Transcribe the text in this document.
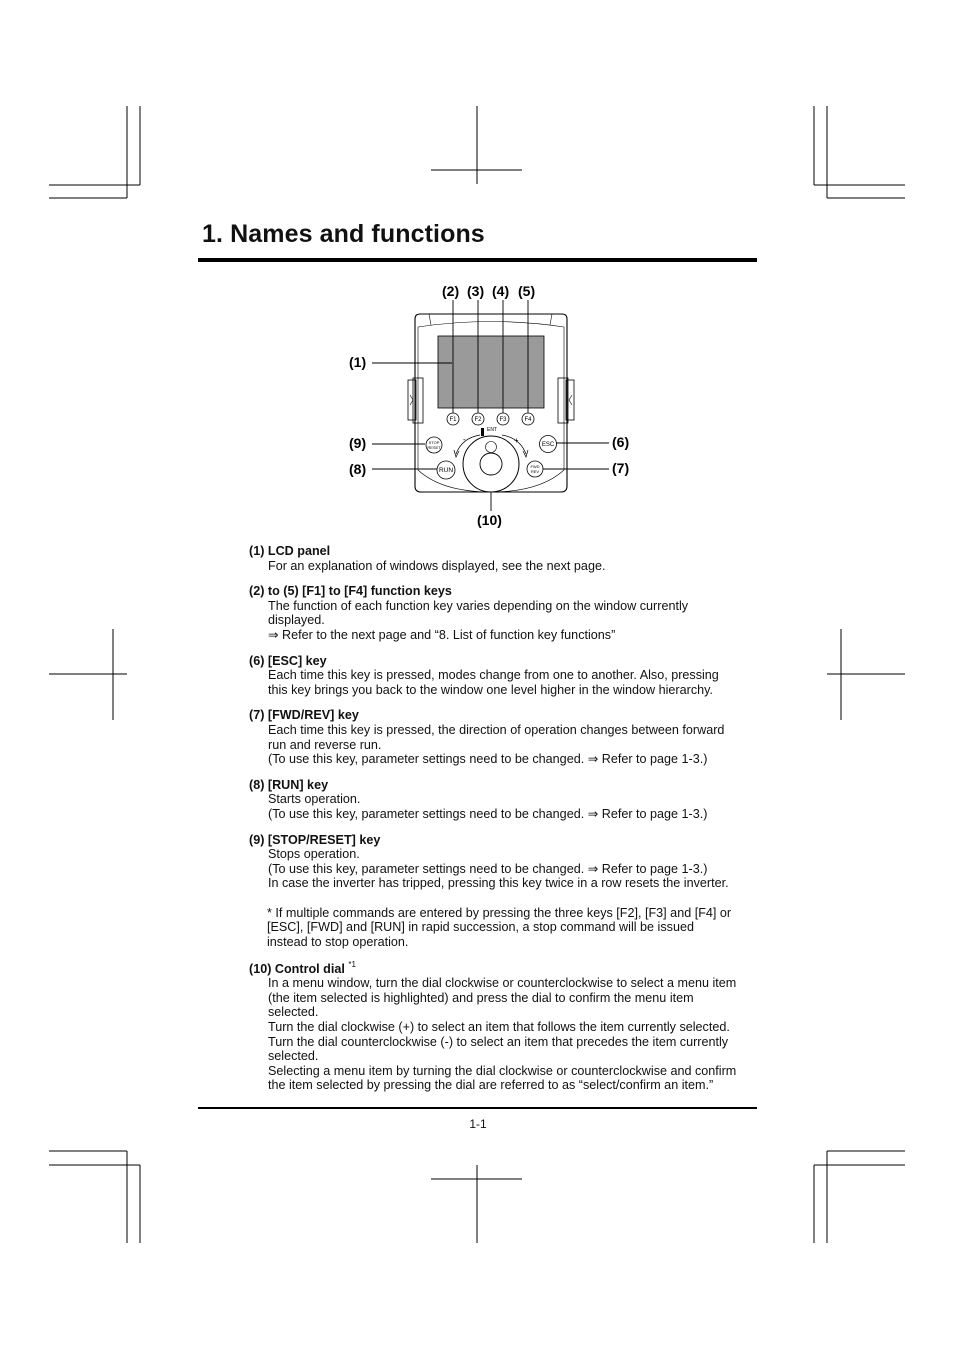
1. Names and functions
(2) (3) (4) (5)
(1)
(9)
(8)
(6)
(7)
(10)
F1	F2	F3	F4
STOP
RESET
RUN
ESC
FWD
REV
ENT
-	+
(1) LCD panel
For an explanation of windows displayed, see the next page.
(2) to (5) [F1] to [F4] function keys
The function of each function key varies depending on the window currently
displayed.
⇒ Refer to the next page and “8. List of function key functions”
(6) [ESC] key
Each time this key is pressed, modes change from one to another. Also, pressing
this key brings you back to the window one level higher in the window hierarchy.
(7) [FWD/REV] key
Each time this key is pressed, the direction of operation changes between forward
run and reverse run.
(To use this key, parameter settings need to be changed. ⇒ Refer to page 1-3.)
(8) [RUN] key
Starts operation.
(To use this key, parameter settings need to be changed. ⇒ Refer to page 1-3.)
(9) [STOP/RESET] key
Stops operation.
(To use this key, parameter settings need to be changed. ⇒ Refer to page 1-3.)
In case the inverter has tripped, pressing this key twice in a row resets the inverter.
* If multiple commands are entered by pressing the three keys [F2], [F3] and [F4] or
[ESC], [FWD] and [RUN] in rapid succession, a stop command will be issued
instead to stop operation.
(10) Control dial $^{*1}$
In a menu window, turn the dial clockwise or counterclockwise to select a menu item
(the item selected is highlighted) and press the dial to confirm the menu item
selected.
Turn the dial clockwise (+) to select an item that follows the item currently selected.
Turn the dial counterclockwise (-) to select an item that precedes the item currently
selected.
Selecting a menu item by turning the dial clockwise or counterclockwise and confirm
the item selected by pressing the dial are referred to as “select/confirm an item.”
1-1
